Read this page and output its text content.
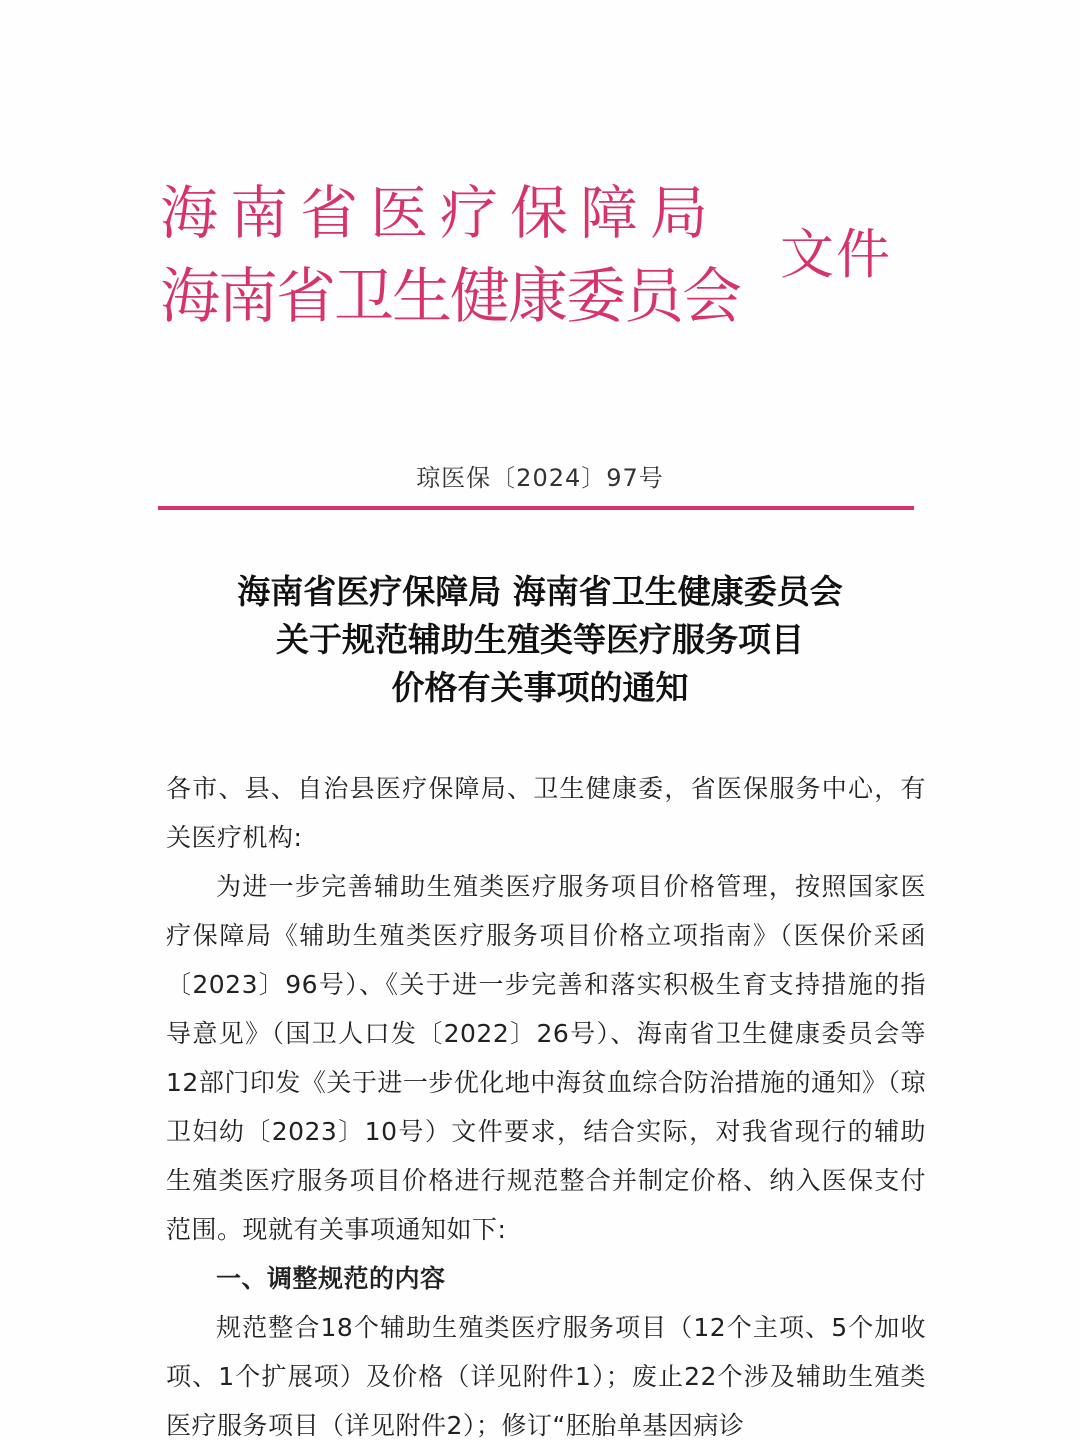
海南省医疗保障局
海南省卫生健康委员会
文件
琼医保〔2024〕97号
海南省医疗保障局 海南省卫生健康委员会
关于规范辅助生殖类等医疗服务项目
价格有关事项的通知

各市、县、自治县医疗保障局、卫生健康委，省医保服务中心，有关医疗机构:

为进一步完善辅助生殖类医疗服务项目价格管理，按照国家医疗保障局《辅助生殖类医疗服务项目价格立项指南》（医保价采函〔2023〕96号）、《关于进一步完善和落实积极生育支持措施的指导意见》（国卫人口发〔2022〕26号）、海南省卫生健康委员会等12部门印发《关于进一步优化地中海贫血综合防治措施的通知》（琼卫妇幼〔2023〕10号）文件要求，结合实际，对我省现行的辅助生殖类医疗服务项目价格进行规范整合并制定价格、纳入医保支付范围。现就有关事项通知如下:

一、调整规范的内容

规范整合18个辅助生殖类医疗服务项目（12个主项、5个加收项、1个扩展项）及价格（详见附件1）；废止22个涉及辅助生殖类医疗服务项目（详见附件2）；修订“胚胎单基因病诊
